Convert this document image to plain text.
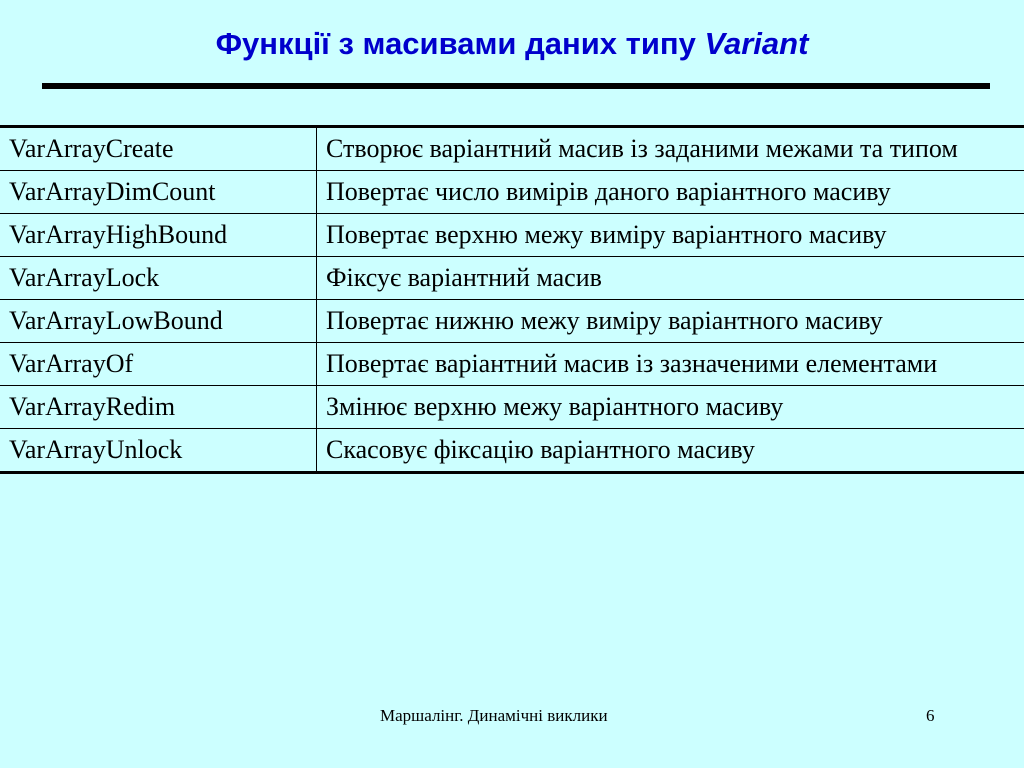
Функції з масивами даних типу Variant
VarArrayCreate	Створює варіантний масив із заданими межами та типом
VarArrayDimCount	Повертає число вимірів даного варіантного масиву
VarArrayHighBound	Повертає верхню межу виміру варіантного масиву
VarArrayLock	Фіксує варіантний масив
VarArrayLowBound	Повертає нижню межу виміру варіантного масиву
VarArrayOf	Повертає варіантний масив із зазначеними елементами
VarArrayRedim	Змінює верхню межу варіантного масиву
VarArrayUnlock	Скасовує фіксацію варіантного масиву
Маршалінг. Динамічні виклики	6
